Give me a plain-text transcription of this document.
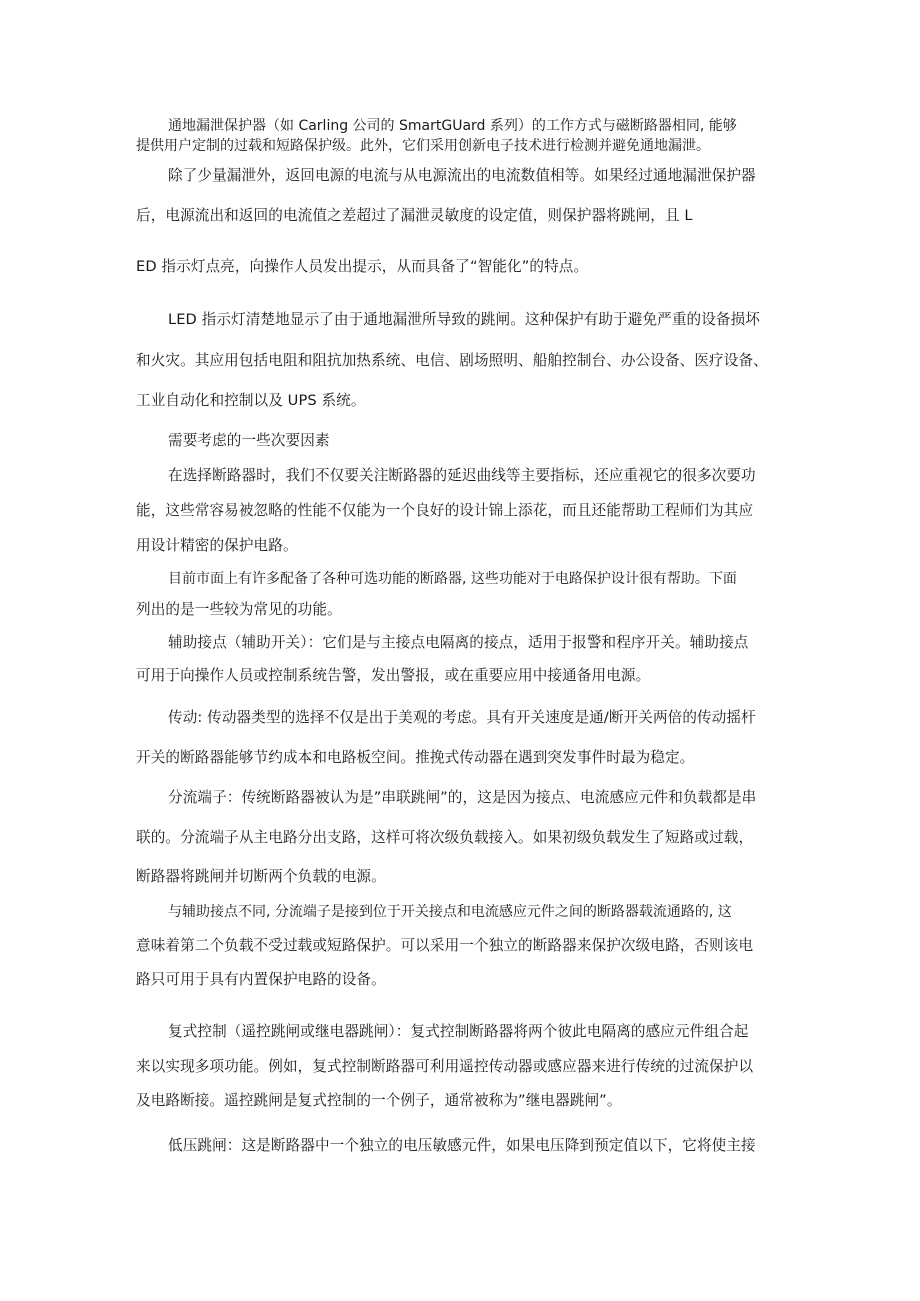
通地漏泄保护器（如 Carling 公司的 SmartGUard 系列）的工作方式与磁断路器相同, 能够
提供用户定制的过载和短路保护级。此外，它们采用创新电子技术进行检测并避免通地漏泄。
除了少量漏泄外，返回电源的电流与从电源流出的电流数值相等。如果经过通地漏泄保护器
后，电源流出和返回的电流值之差超过了漏泄灵敏度的设定值，则保护器将跳闸，且 L
ED 指示灯点亮，向操作人员发出提示，从而具备了“智能化”的特点。
LED 指示灯清楚地显示了由于通地漏泄所导致的跳闸。这种保护有助于避免严重的设备损坏
和火灾。其应用包括电阻和阻抗加热系统、电信、剧场照明、船舶控制台、办公设备、医疗设备、
工业自动化和控制以及 UPS 系统。
需要考虑的一些次要因素
在选择断路器时，我们不仅要关注断路器的延迟曲线等主要指标，还应重视它的很多次要功
能，这些常容易被忽略的性能不仅能为一个良好的设计锦上添花，而且还能帮助工程师们为其应
用设计精密的保护电路。
目前市面上有许多配备了各种可选功能的断路器, 这些功能对于电路保护设计很有帮助。下面
列出的是一些较为常见的功能。
辅助接点（辅助开关）：它们是与主接点电隔离的接点，适用于报警和程序开关。辅助接点
可用于向操作人员或控制系统告警，发出警报，或在重要应用中接通备用电源。
传动: 传动器类型的选择不仅是出于美观的考虑。具有开关速度是通/断开关两倍的传动摇杆
开关的断路器能够节约成本和电路板空间。推挽式传动器在遇到突发事件时最为稳定。
分流端子：传统断路器被认为是”串联跳闸”的，这是因为接点、电流感应元件和负载都是串
联的。分流端子从主电路分出支路，这样可将次级负载接入。如果初级负载发生了短路或过载，
断路器将跳闸并切断两个负载的电源。
与辅助接点不同, 分流端子是接到位于开关接点和电流感应元件之间的断路器载流通路的, 这
意味着第二个负载不受过载或短路保护。可以采用一个独立的断路器来保护次级电路，否则该电
路只可用于具有内置保护电路的设备。
复式控制（遥控跳闸或继电器跳闸）：复式控制断路器将两个彼此电隔离的感应元件组合起
来以实现多项功能。例如，复式控制断路器可利用遥控传动器或感应器来进行传统的过流保护以
及电路断接。遥控跳闸是复式控制的一个例子，通常被称为”继电器跳闸”。
低压跳闸：这是断路器中一个独立的电压敏感元件，如果电压降到预定值以下，它将使主接
